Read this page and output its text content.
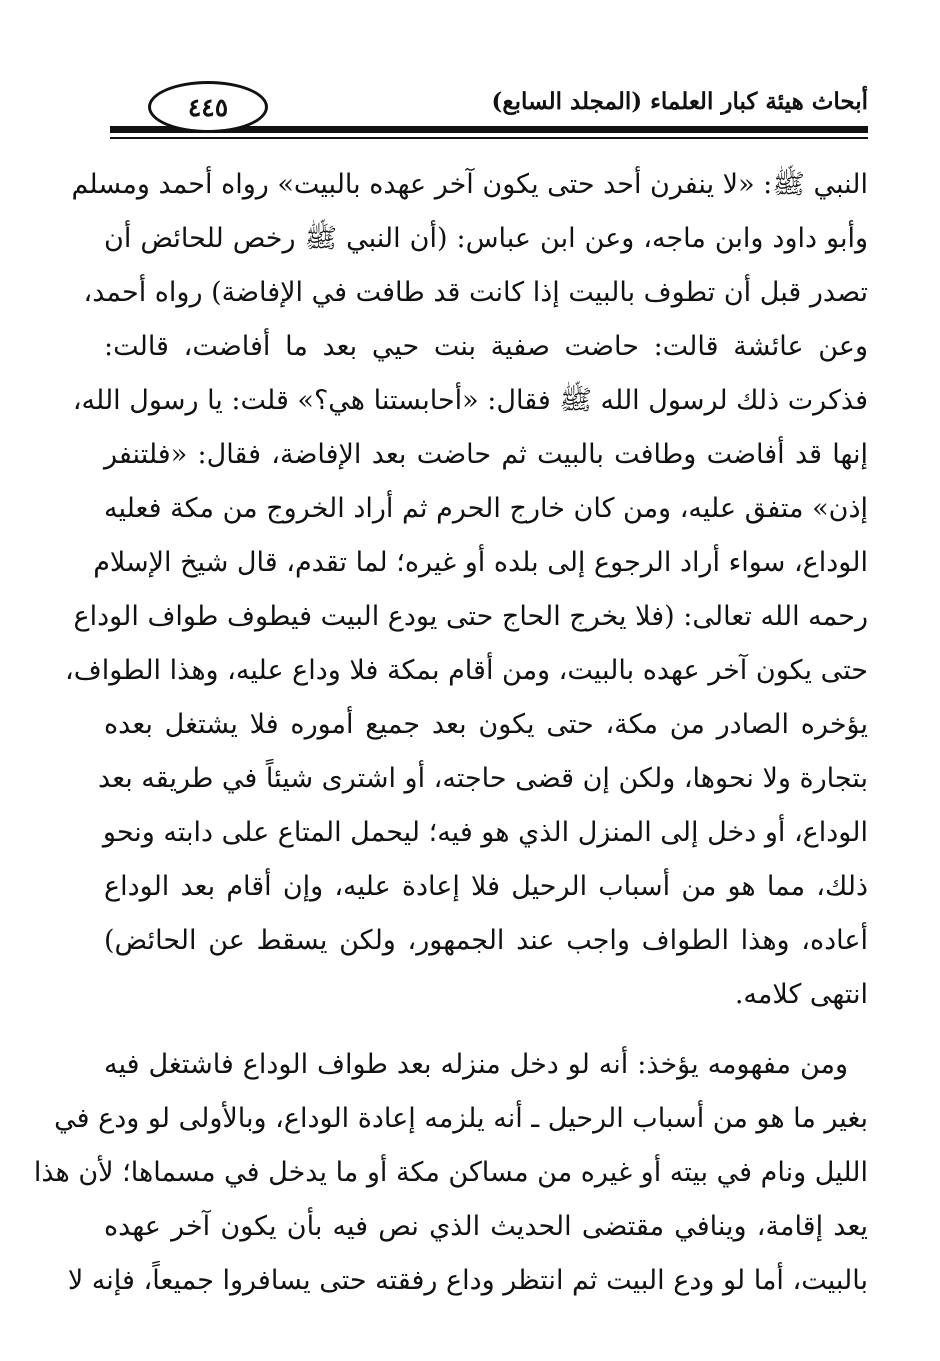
٤٤٥	أبحاث هيئة كبار العلماء (المجلد السابع)
النبي ﷺ: «لا ينفرن أحد حتى يكون آخر عهده بالبيت» رواه أحمد ومسلم
وأبو داود وابن ماجه، وعن ابن عباس: (أن النبي ﷺ رخص للحائض أن
تصدر قبل أن تطوف بالبيت إذا كانت قد طافت في الإفاضة) رواه أحمد،
وعن عائشة قالت: حاضت صفية بنت حيي بعد ما أفاضت، قالت:
فذكرت ذلك لرسول الله ﷺ فقال: «أحابستنا هي؟» قلت: يا رسول الله،
إنها قد أفاضت وطافت بالبيت ثم حاضت بعد الإفاضة، فقال: «فلتنفر
إذن» متفق عليه، ومن كان خارج الحرم ثم أراد الخروج من مكة فعليه
الوداع، سواء أراد الرجوع إلى بلده أو غيره؛ لما تقدم، قال شيخ الإسلام
رحمه الله تعالى: (فلا يخرج الحاج حتى يودع البيت فيطوف طواف الوداع
حتى يكون آخر عهده بالبيت، ومن أقام بمكة فلا وداع عليه، وهذا الطواف،
يؤخره الصادر من مكة، حتى يكون بعد جميع أموره فلا يشتغل بعده
بتجارة ولا نحوها، ولكن إن قضى حاجته، أو اشترى شيئاً في طريقه بعد
الوداع، أو دخل إلى المنزل الذي هو فيه؛ ليحمل المتاع على دابته ونحو
ذلك، مما هو من أسباب الرحيل فلا إعادة عليه، وإن أقام بعد الوداع
أعاده، وهذا الطواف واجب عند الجمهور، ولكن يسقط عن الحائض)
انتهى كلامه.
ومن مفهومه يؤخذ: أنه لو دخل منزله بعد طواف الوداع فاشتغل فيه
بغير ما هو من أسباب الرحيل ـ أنه يلزمه إعادة الوداع، وبالأولى لو ودع في
الليل ونام في بيته أو غيره من مساكن مكة أو ما يدخل في مسماها؛ لأن هذا
يعد إقامة، وينافي مقتضى الحديث الذي نص فيه بأن يكون آخر عهده
بالبيت، أما لو ودع البيت ثم انتظر وداع رفقته حتى يسافروا جميعاً، فإنه لا
